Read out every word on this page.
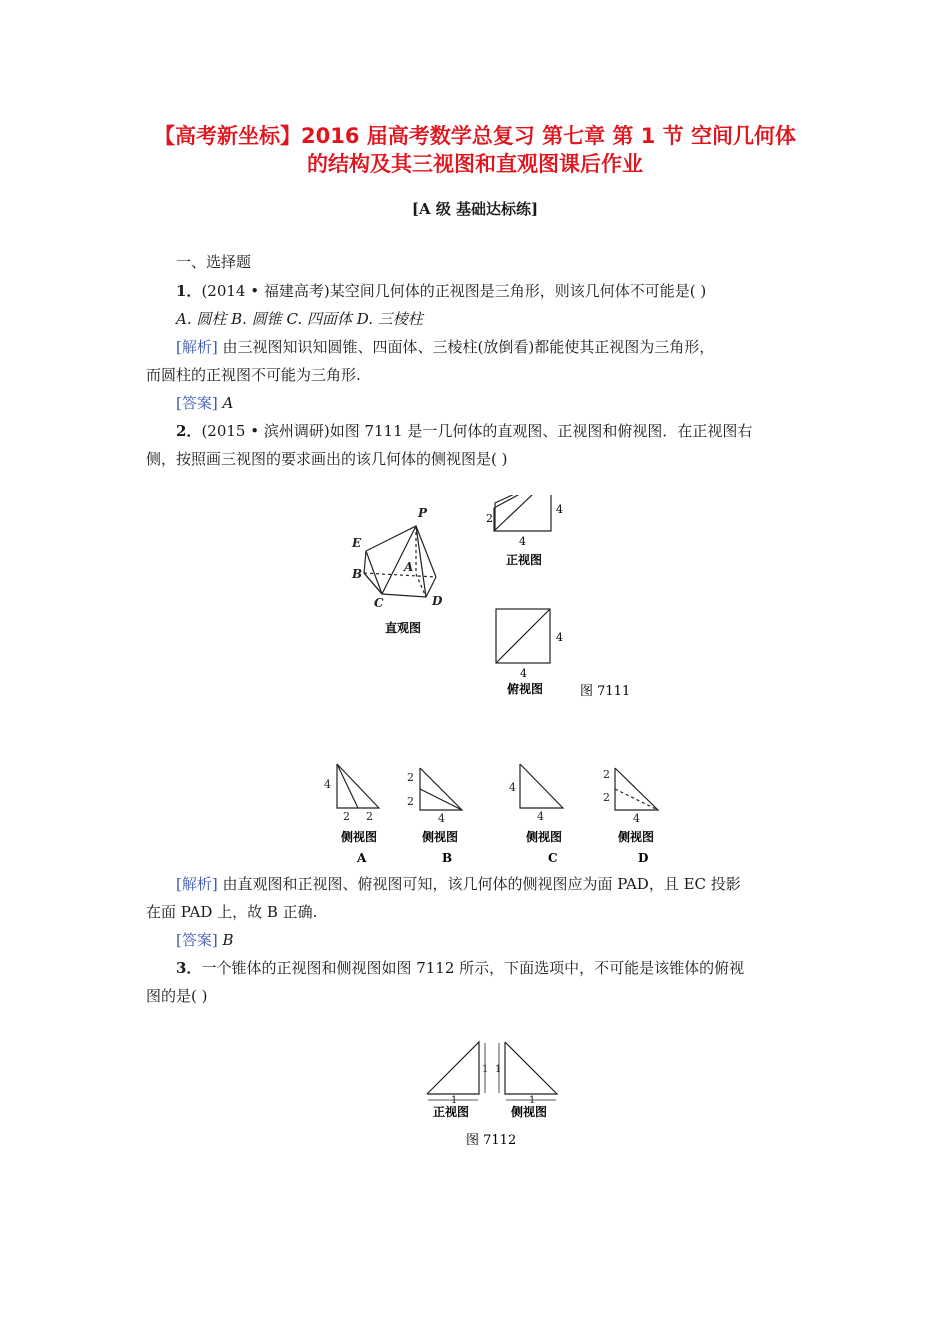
【高考新坐标】2016 届高考数学总复习 第七章 第 1 节 空间几何体
的结构及其三视图和直观图课后作业
[A 级 基础达标练]
一、选择题
1．(2014 • 福建高考)某空间几何体的正视图是三角形，则该几何体不可能是( )
A. 圆柱 B. 圆锥 C. 四面体 D. 三棱柱
[解析] 由三视图知识知圆锥、四面体、三棱柱(放倒看)都能使其正视图为三角形，
而圆柱的正视图不可能为三角形.
[答案] A
2．(2015 • 滨州调研)如图 7111 是一几何体的直观图、正视图和俯视图．在正视图右
侧，按照画三视图的要求画出的该几何体的侧视图是( )
P
E
A
B
C	D
直观图
2
4
4
正视图
4
4
俯视图	图 7111
4
2 2
2
2
4
4
4
2
2
4
侧视图	侧视图	侧视图	侧视图
A	B	C	D
[解析] 由直观图和正视图、俯视图可知，该几何体的侧视图应为面 PAD，且 EC 投影
在面 PAD 上，故 B 正确.
[答案] B
3．一个锥体的正视图和侧视图如图 7112 所示，下面选项中，不可能是该锥体的俯视
图的是( )
1 1
1	1
正视图	侧视图
图 7112
